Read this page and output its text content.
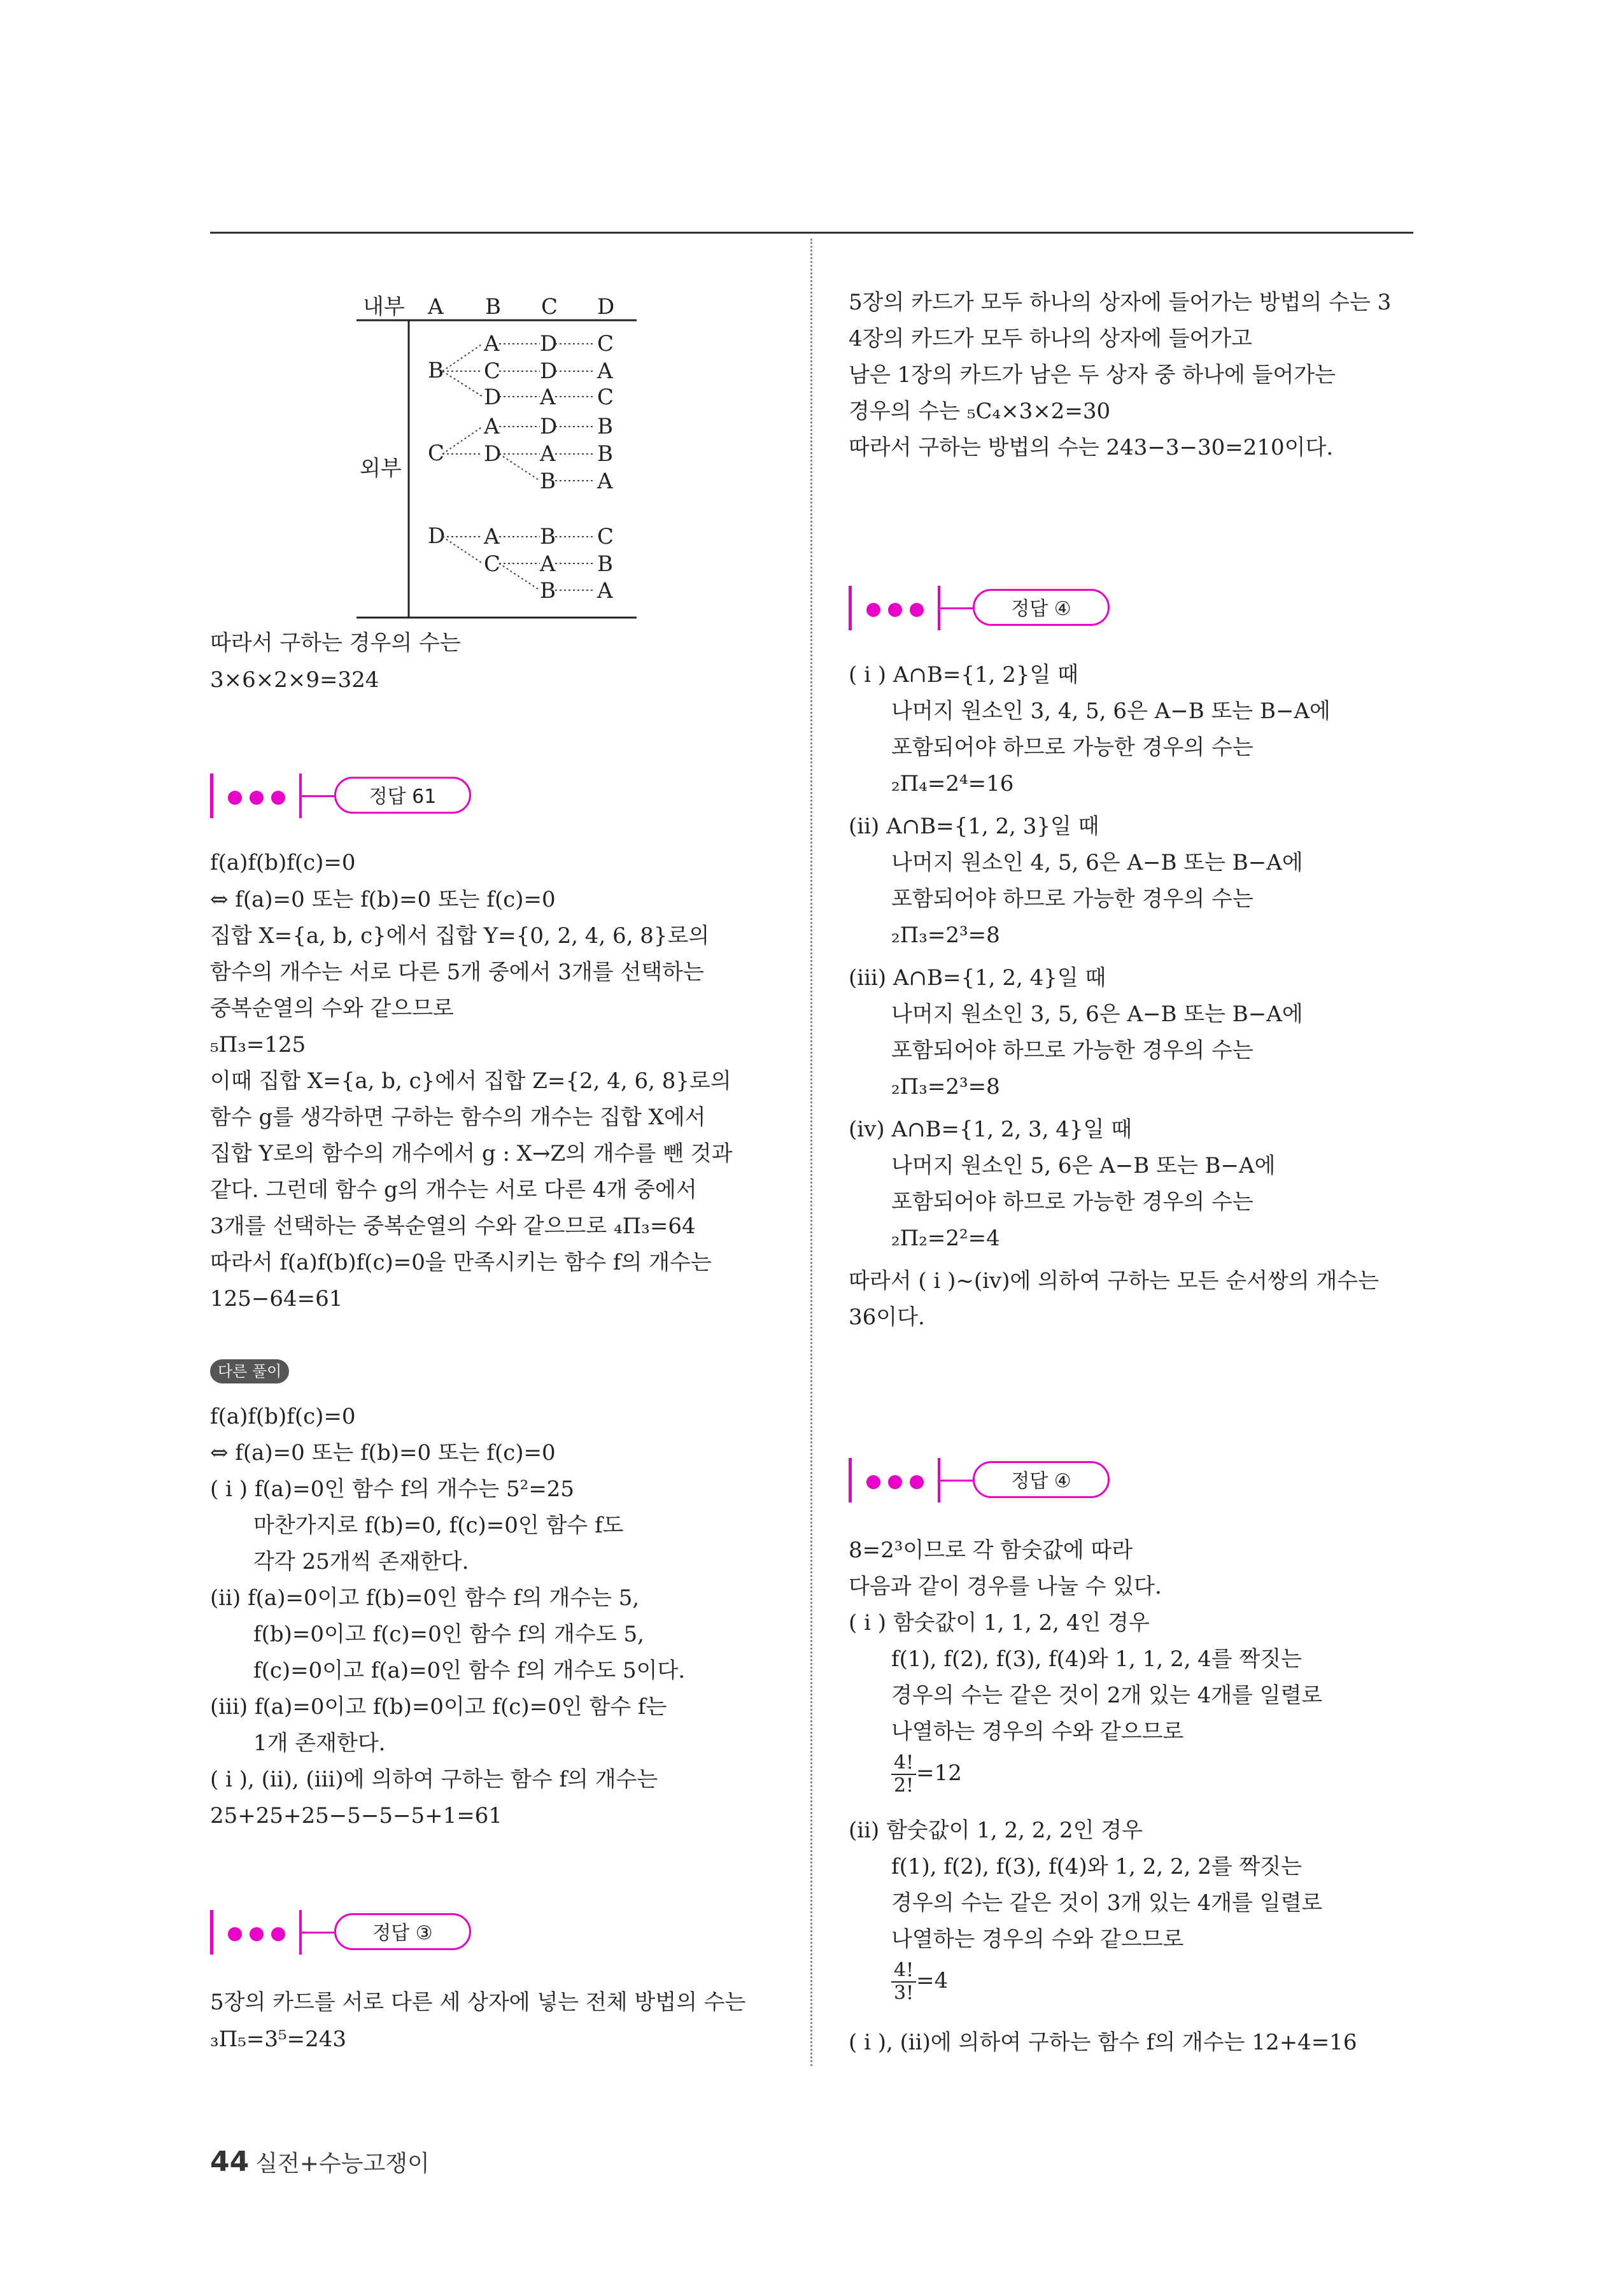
내부 A B C D
외부
B
C
D
A D C
C D A
D A C
A D B
D A B
B A
A B C
C A B
B A
따라서 구하는 경우의 수는
3×6×2×9=324
정답 61
f(a)f(b)f(c)=0
⇔ f(a)=0 또는 f(b)=0 또는 f(c)=0
집합 X={a, b, c}에서 집합 Y={0, 2, 4, 6, 8}로의
함수의 개수는 서로 다른 5개 중에서 3개를 선택하는
중복순열의 수와 같으므로
₅Π₃=125
이때 집합 X={a, b, c}에서 집합 Z={2, 4, 6, 8}로의
함수 g를 생각하면 구하는 함수의 개수는 집합 X에서
집합 Y로의 함수의 개수에서 g : X→Z의 개수를 뺀 것과
같다. 그런데 함수 g의 개수는 서로 다른 4개 중에서
3개를 선택하는 중복순열의 수와 같으므로 ₄Π₃=64
따라서 f(a)f(b)f(c)=0을 만족시키는 함수 f의 개수는
125−64=61
다른 풀이
f(a)f(b)f(c)=0
⇔ f(a)=0 또는 f(b)=0 또는 f(c)=0
( i ) f(a)=0인 함수 f의 개수는 5²=25
마찬가지로 f(b)=0, f(c)=0인 함수 f도
각각 25개씩 존재한다.
(ii) f(a)=0이고 f(b)=0인 함수 f의 개수는 5,
f(b)=0이고 f(c)=0인 함수 f의 개수도 5,
f(c)=0이고 f(a)=0인 함수 f의 개수도 5이다.
(iii) f(a)=0이고 f(b)=0이고 f(c)=0인 함수 f는
1개 존재한다.
( i ), (ii), (iii)에 의하여 구하는 함수 f의 개수는
25+25+25−5−5−5+1=61
정답 ③
5장의 카드를 서로 다른 세 상자에 넣는 전체 방법의 수는
₃Π₅=3⁵=243
5장의 카드가 모두 하나의 상자에 들어가는 방법의 수는 3
4장의 카드가 모두 하나의 상자에 들어가고
남은 1장의 카드가 남은 두 상자 중 하나에 들어가는
경우의 수는 ₅C₄×3×2=30
따라서 구하는 방법의 수는 243−3−30=210이다.
정답 ④
( i ) A∩B={1, 2}일 때
나머지 원소인 3, 4, 5, 6은 A−B 또는 B−A에
포함되어야 하므로 가능한 경우의 수는
₂Π₄=2⁴=16
(ii) A∩B={1, 2, 3}일 때
나머지 원소인 4, 5, 6은 A−B 또는 B−A에
포함되어야 하므로 가능한 경우의 수는
₂Π₃=2³=8
(iii) A∩B={1, 2, 4}일 때
나머지 원소인 3, 5, 6은 A−B 또는 B−A에
포함되어야 하므로 가능한 경우의 수는
₂Π₃=2³=8
(iv) A∩B={1, 2, 3, 4}일 때
나머지 원소인 5, 6은 A−B 또는 B−A에
포함되어야 하므로 가능한 경우의 수는
₂Π₂=2²=4
따라서 ( i )~(iv)에 의하여 구하는 모든 순서쌍의 개수는
36이다.
정답 ④
8=2³이므로 각 함숫값에 따라
다음과 같이 경우를 나눌 수 있다.
( i ) 함숫값이 1, 1, 2, 4인 경우
f(1), f(2), f(3), f(4)와 1, 1, 2, 4를 짝짓는
경우의 수는 같은 것이 2개 있는 4개를 일렬로
나열하는 경우의 수와 같으므로
$\frac{4!}{2!} =12$
(ii) 함숫값이 1, 2, 2, 2인 경우
f(1), f(2), f(3), f(4)와 1, 2, 2, 2를 짝짓는
경우의 수는 같은 것이 3개 있는 4개를 일렬로
나열하는 경우의 수와 같으므로
$\frac{4!}{3!} =4$
( i ), (ii)에 의하여 구하는 함수 f의 개수는 12+4=16
44 실전+수능고쟁이
